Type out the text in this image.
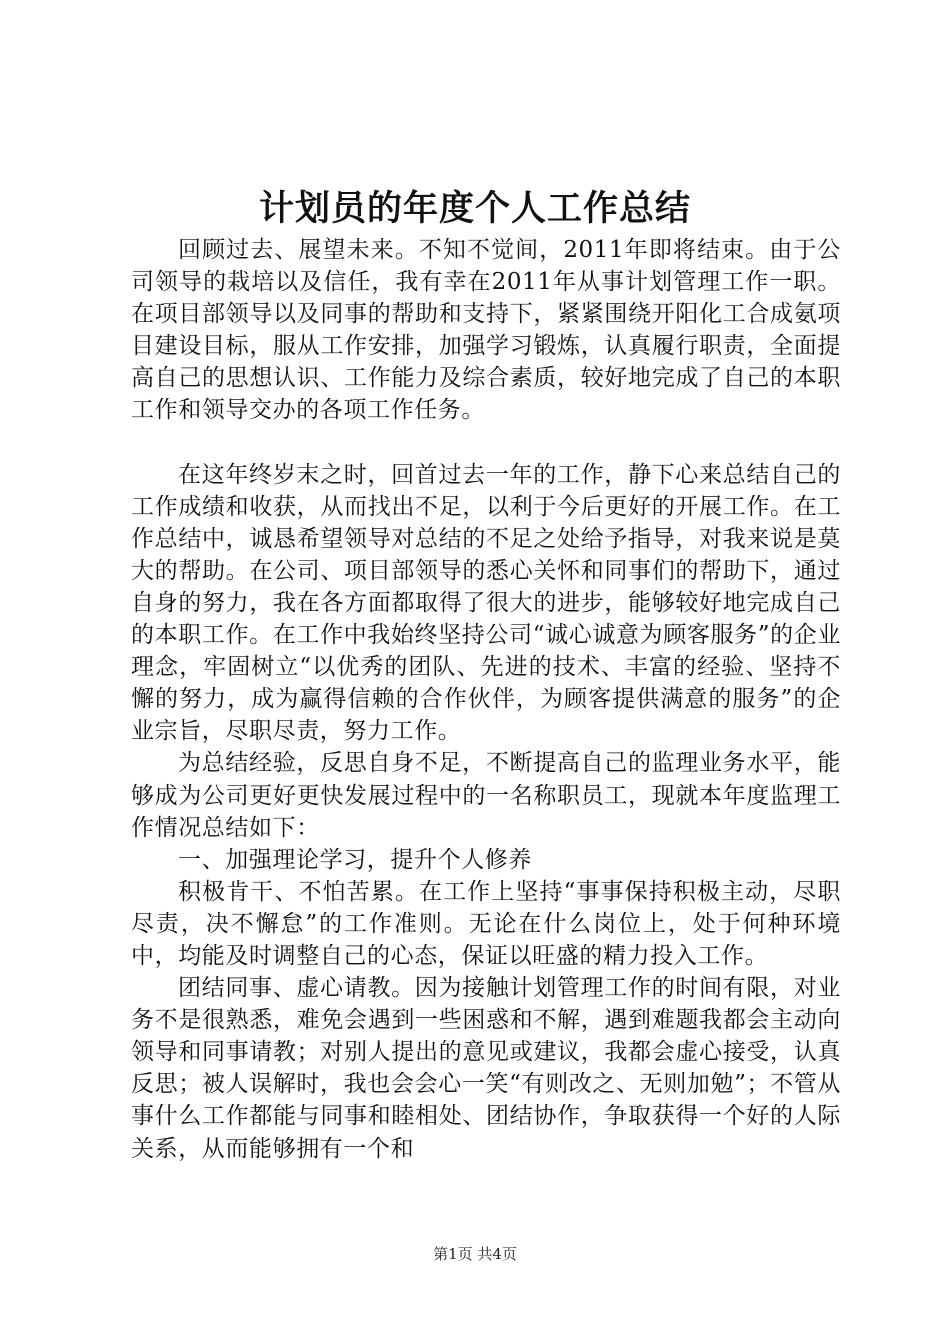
计划员的年度个人工作总结

回顾过去、展望未来。不知不觉间，2011年即将结束。由于公司领导的栽培以及信任，我有幸在2011年从事计划管理工作一职。在项目部领导以及同事的帮助和支持下，紧紧围绕开阳化工合成氨项目建设目标，服从工作安排，加强学习锻炼，认真履行职责，全面提高自己的思想认识、工作能力及综合素质，较好地完成了自己的本职工作和领导交办的各项工作任务。

在这年终岁末之时，回首过去一年的工作，静下心来总结自己的工作成绩和收获，从而找出不足，以利于今后更好的开展工作。在工作总结中，诚恳希望领导对总结的不足之处给予指导，对我来说是莫大的帮助。在公司、项目部领导的悉心关怀和同事们的帮助下，通过自身的努力，我在各方面都取得了很大的进步，能够较好地完成自己的本职工作。在工作中我始终坚持公司“诚心诚意为顾客服务”的企业理念，牢固树立“以优秀的团队、先进的技术、丰富的经验、坚持不懈的努力，成为赢得信赖的合作伙伴，为顾客提供满意的服务”的企业宗旨，尽职尽责，努力工作。

为总结经验，反思自身不足，不断提高自己的监理业务水平，能够成为公司更好更快发展过程中的一名称职员工，现就本年度监理工作情况总结如下：

一、加强理论学习，提升个人修养

积极肯干、不怕苦累。在工作上坚持“事事保持积极主动，尽职尽责，决不懈怠”的工作准则。无论在什么岗位上，处于何种环境中，均能及时调整自己的心态，保证以旺盛的精力投入工作。

团结同事、虚心请教。因为接触计划管理工作的时间有限，对业务不是很熟悉，难免会遇到一些困惑和不解，遇到难题我都会主动向领导和同事请教；对别人提出的意见或建议，我都会虚心接受，认真反思；被人误解时，我也会会心一笑“有则改之、无则加勉”；不管从事什么工作都能与同事和睦相处、团结协作，争取获得一个好的人际关系，从而能够拥有一个和

第1页 共4页
